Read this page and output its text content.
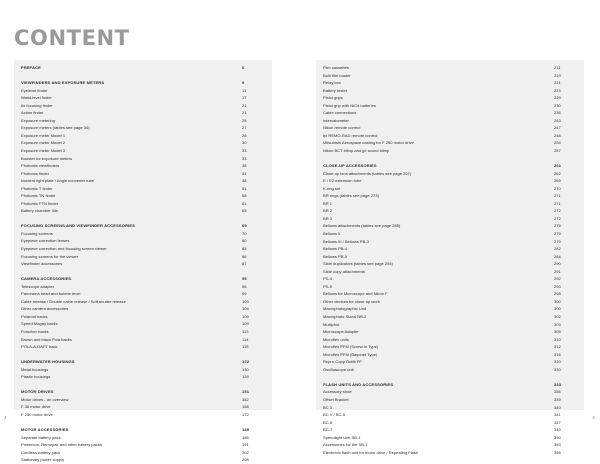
CONTENT
PREFACE	6
VIEWFINDERS AND EXPOSURE METERS	9
Eyelevel finder	11
Waist-level finder	17
6x focusing finder	21
Action finder	21
Exposure metering	25
Exposure meters (tables see page 34)	27
Exposure meter Model 1	28
Exposure meter Model 2	30
Exposure meter Model 3	33
Booster for exposure meters	33
Photomic viewfinders	38
Photomic finder	41
Incident light plate / Angle converter tube	48
Photomic T finder	51
Photomic TN finder	58
Photomic FTN finder	61
Battery chamber lids	65
FOCUSING SCREENS AND VIEWFINDER ACCESSORIES	69
Focusing screens	70
Eyepiece correction lenses	80
Eyepiece correction and focusing screen viewer	85
Focusing screens for the viewer	86
Viewfinder accessories	87
CAMERA ACCESSORIES	95
Telescope adapter	96
Panorama head and bubble level	99
Cable release / Double cable release / Soft shutter release	103
Other camera accessories	104
Polaroid backs	109
Speed Magny backs	109
Forscher backs	113
Brown and black Pola backs	114
POLA-A-DAPT back	115
UNDERWATER HOUSINGS	122
Metal housings	130
Plastic housings	139
MOTOR DRIVES	151
Motor drives - an overview	152
F 36 motor drive	158
F 250 motor drive	172
MOTOR ACCESSORIES	185
Separate battery pack	186
Powercon, Remopak and other battery packs	191
Cordless battery pack	202
Stationary power supply	208
4
Film cassettes	211
Bulk film loader	219
Relay box	221
Battery tester	223
Pistol grips	229
Pistol grip with NiCd batteries	230
Cable connections	235
Intervalometer	243
Nikon remote control	247
tpi REMO-RAD remote control	248
Mitsubishi Aerospace casting for F 250 motor drive	254
Nikon BCT blimp and jpi sound blimp	257
CLOSE-UP ACCESSORIES	261
Close-up lens attachments (tables see page 267)	262
E / E2 extension tube	269
K-ring set	270
BR rings (tables see page 273)	271
BR 1	271
BR 2	272
BR 3	272
Bellows attachments (tables see page 285)	275
Bellows II	279
Bellows III / Bellows PB-3	279
Bellows PB-4	282
Bellows PB-5	284
Slide duplicators (tables see page 294)	290
Slide copy attachments	291
PS-4	292
PS-5	293
Bellows for Microscope and Nikon F	298
Other devices for close-up work	300
Macrophotographic Unit	300
Macrophoto Stand NB-2	302
Multiphot	303
Microscope Adapter	305
Microflex units	310
Microflex PFM (Screw-in Type)	312
Microflex PFM (Bayonet Type)	316
Repro-Copy Outfit PF	320
Oscilloscope unit	330
FLASH UNITS AND ACCESSORIES	333
Accessory shoe	336
Offset Bracket	339
BC 3	340
BC V / BC-5	341
BC-6	347
BC-7	349
Speedlight Unit SB-1	350
Accessories for the SB-1	353
Electronic flash unit for motor drive / Repeating Flash	355
5
